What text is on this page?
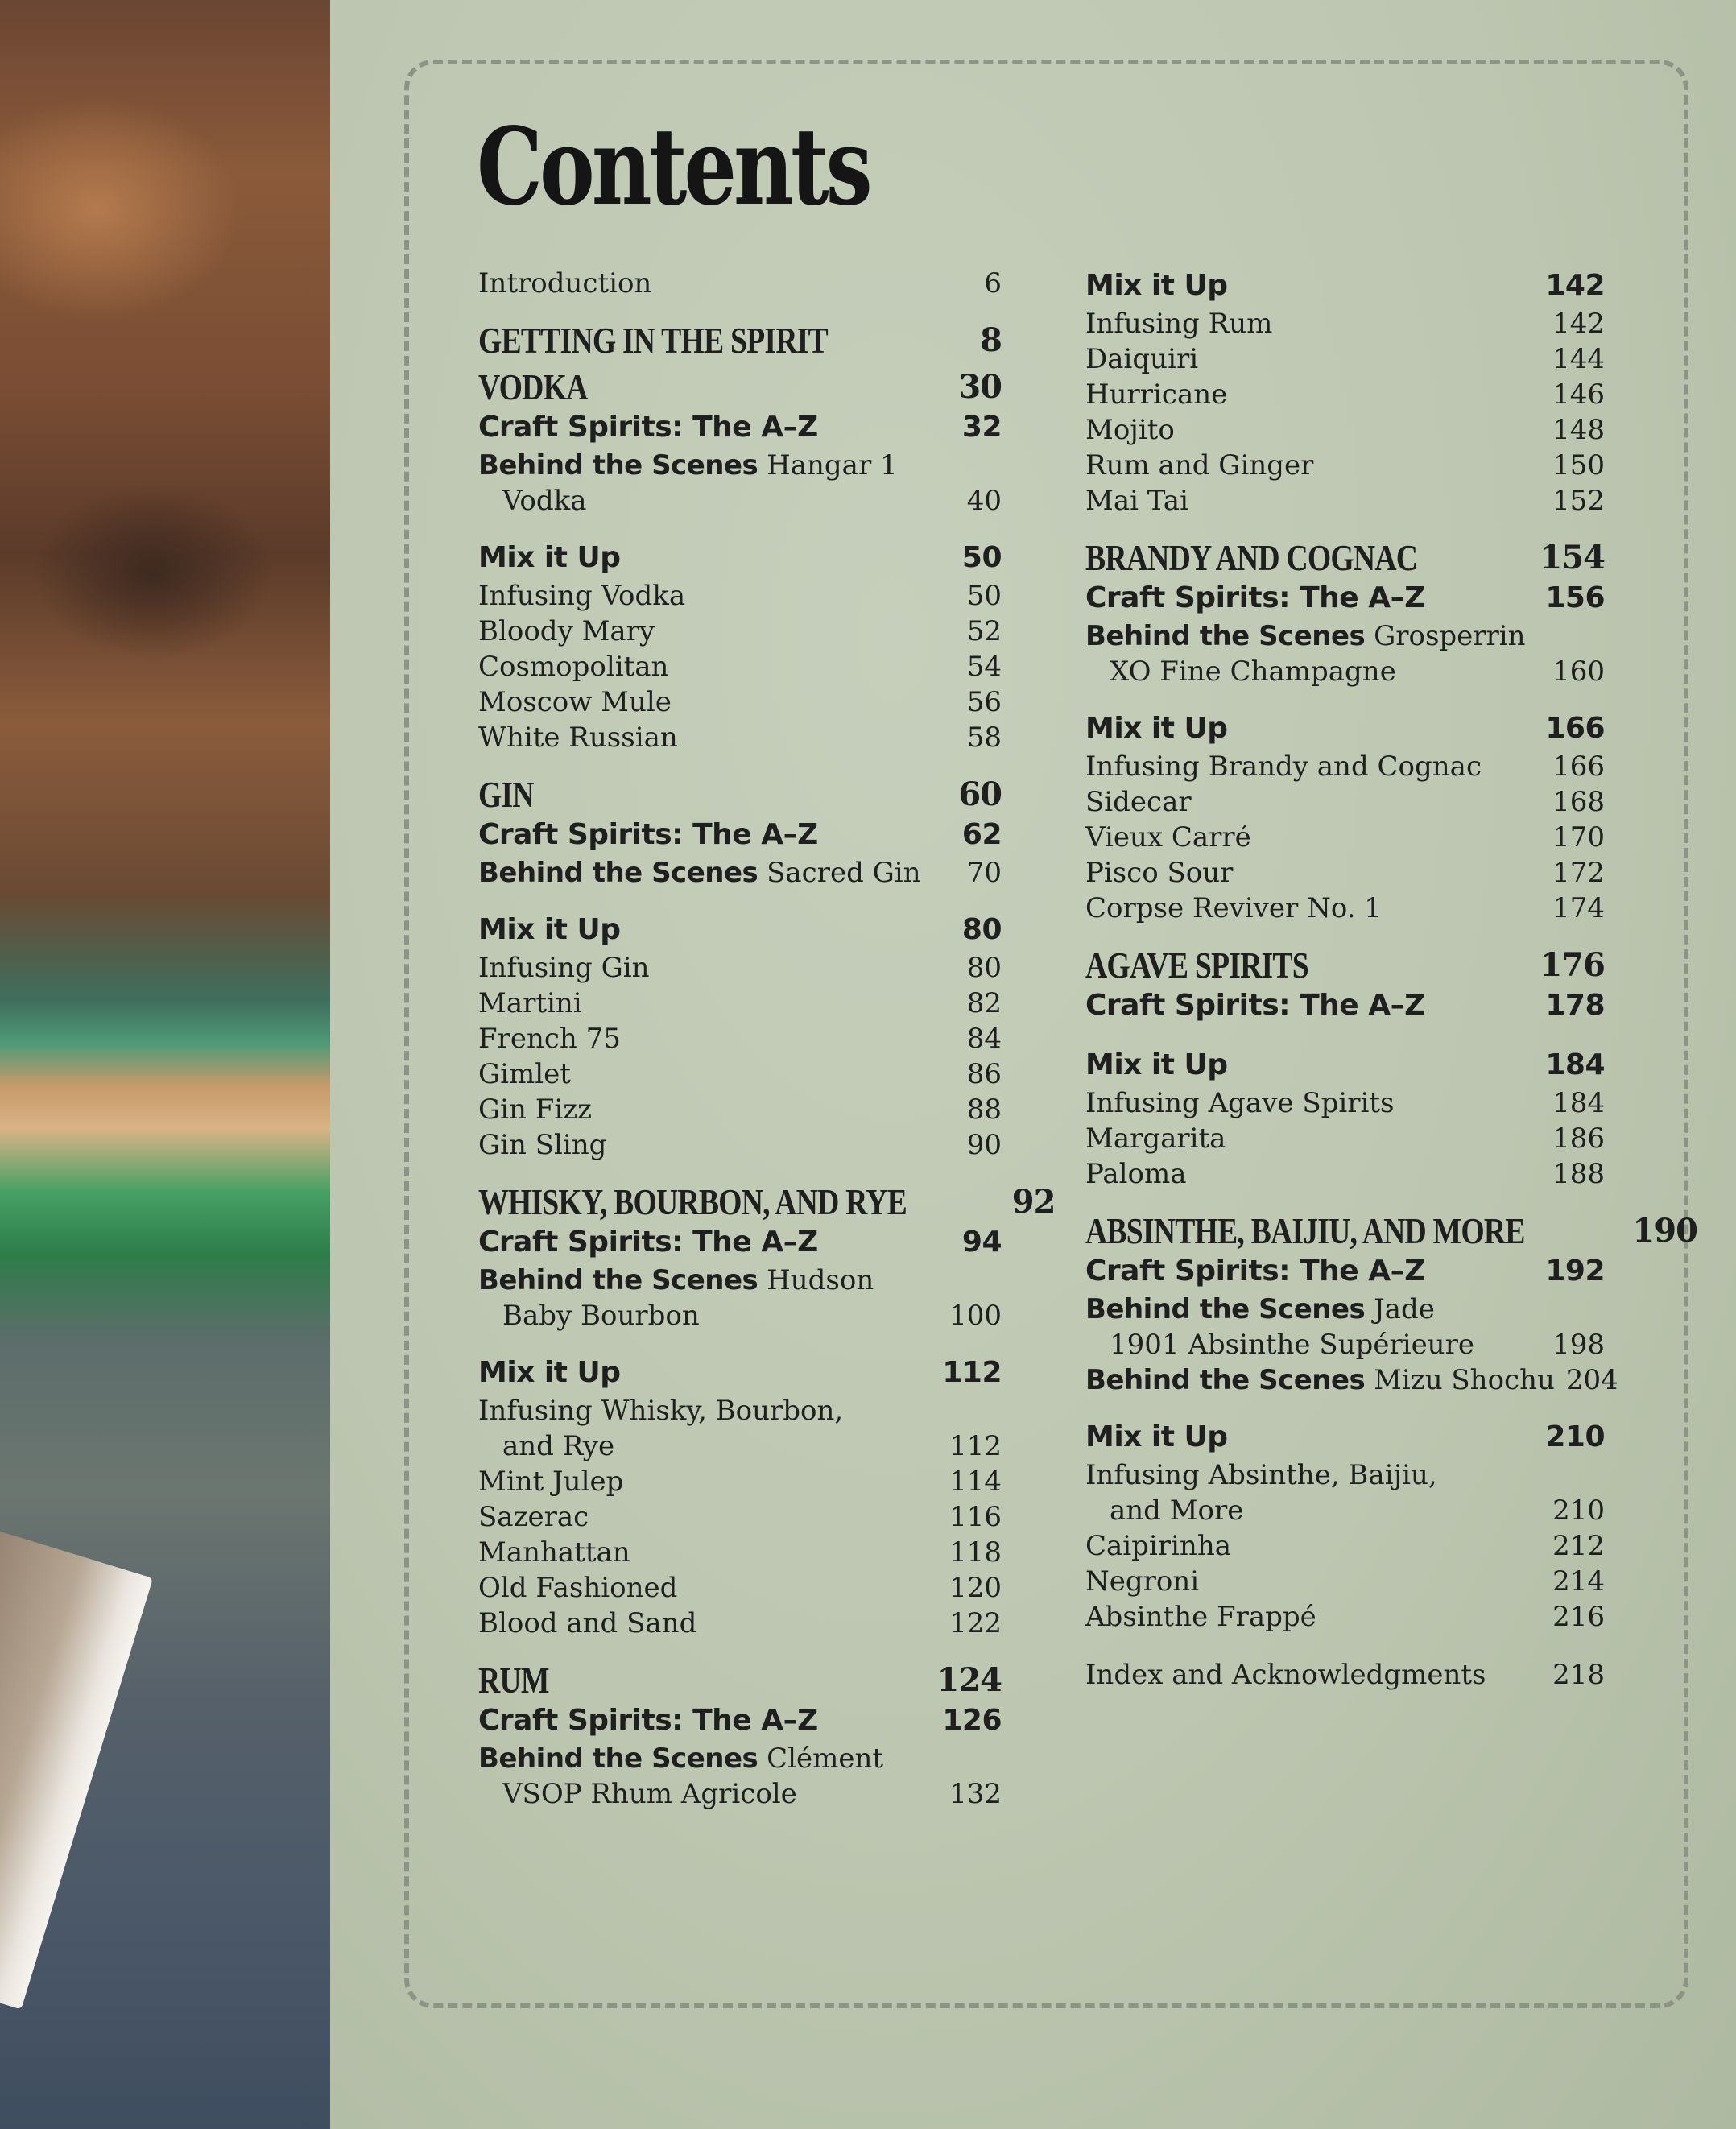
Contents
Introduction	6
GETTING IN THE SPIRIT	8
VODKA	30
Craft Spirits: The A–Z	32
Behind the Scenes Hangar 1
Vodka	40
Mix it Up	50
Infusing Vodka	50
Bloody Mary	52
Cosmopolitan	54
Moscow Mule	56
White Russian	58
GIN	60
Craft Spirits: The A–Z	62
Behind the Scenes Sacred Gin	70
Mix it Up	80
Infusing Gin	80
Martini	82
French 75	84
Gimlet	86
Gin Fizz	88
Gin Sling	90
WHISKY, BOURBON, AND RYE	92
Craft Spirits: The A–Z	94
Behind the Scenes Hudson
Baby Bourbon	100
Mix it Up	112
Infusing Whisky, Bourbon,
and Rye	112
Mint Julep	114
Sazerac	116
Manhattan	118
Old Fashioned	120
Blood and Sand	122
RUM	124
Craft Spirits: The A–Z	126
Behind the Scenes Clément
VSOP Rhum Agricole	132
Mix it Up	142
Infusing Rum	142
Daiquiri	144
Hurricane	146
Mojito	148
Rum and Ginger	150
Mai Tai	152
BRANDY AND COGNAC	154
Craft Spirits: The A–Z	156
Behind the Scenes Grosperrin
XO Fine Champagne	160
Mix it Up	166
Infusing Brandy and Cognac	166
Sidecar	168
Vieux Carré	170
Pisco Sour	172
Corpse Reviver No. 1	174
AGAVE SPIRITS	176
Craft Spirits: The A–Z	178
Mix it Up	184
Infusing Agave Spirits	184
Margarita	186
Paloma	188
ABSINTHE, BAIJIU, AND MORE	190
Craft Spirits: The A–Z	192
Behind the Scenes Jade
1901 Absinthe Supérieure	198
Behind the Scenes Mizu Shochu 204
Mix it Up	210
Infusing Absinthe, Baijiu,
and More	210
Caipirinha	212
Negroni	214
Absinthe Frappé	216
Index and Acknowledgments	218
